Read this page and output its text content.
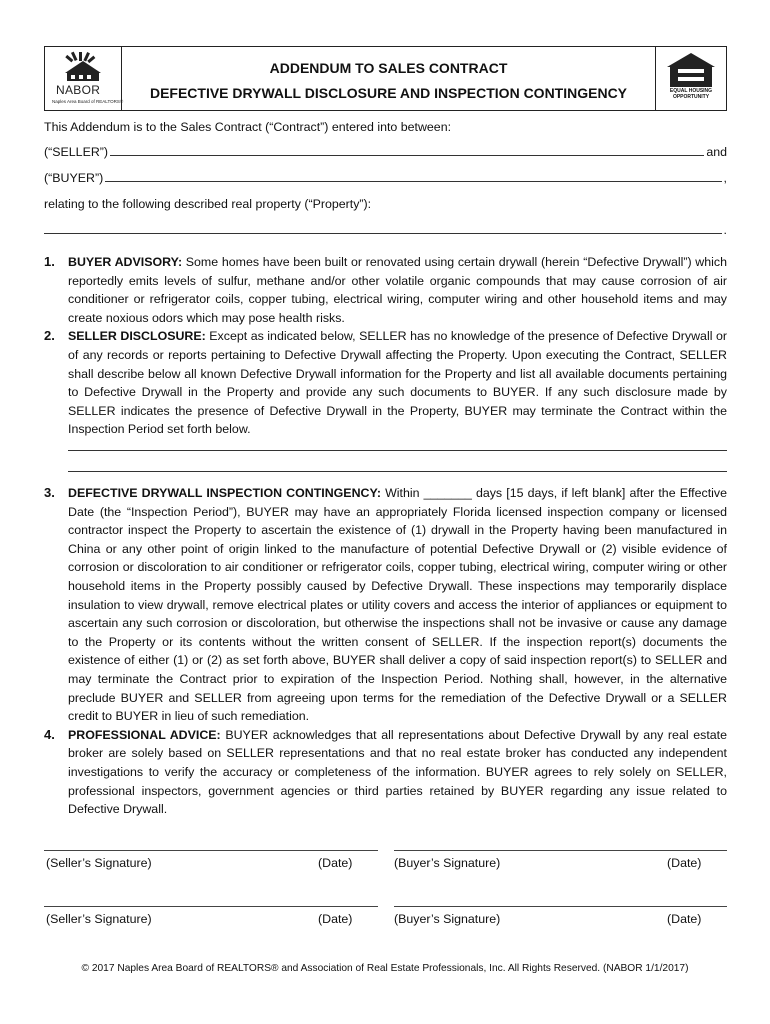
NABOR
Naples Area Board of REALTORS®
ADDENDUM TO SALES CONTRACT
DEFECTIVE DRYWALL DISCLOSURE AND INSPECTION CONTINGENCY	EQUAL HOUSING
OPPORTUNITY
This Addendum is to the Sales Contract (“Contract”) entered into between:
(“SELLER”)	and
(“BUYER”)	,
relating to the following described real property (“Property”):
.
1. BUYER ADVISORY: Some homes have been built or renovated using certain drywall (herein “Defective Drywall”) which reportedly emits levels of sulfur, methane and/or other volatile organic compounds that may cause corrosion of air conditioner or refrigerator coils, copper tubing, electrical wiring, computer wiring and other household items and may create noxious odors which may pose health risks.
2. SELLER DISCLOSURE: Except as indicated below, SELLER has no knowledge of the presence of Defective Drywall or of any records or reports pertaining to Defective Drywall affecting the Property. Upon executing the Contract, SELLER shall describe below all known Defective Drywall information for the Property and list all available documents pertaining to Defective Drywall in the Property and provide any such documents to BUYER. If any such disclosure made by SELLER indicates the presence of Defective Drywall in the Property, BUYER may terminate the Contract within the Inspection Period set forth below.
3. DEFECTIVE DRYWALL INSPECTION CONTINGENCY: Within _______ days [15 days, if left blank] after the Effective Date (the “Inspection Period”), BUYER may have an appropriately Florida licensed inspection company or licensed contractor inspect the Property to ascertain the existence of (1) drywall in the Property having been manufactured in China or any other point of origin linked to the manufacture of potential Defective Drywall or (2) visible evidence of corrosion or discoloration to air conditioner or refrigerator coils, copper tubing, electrical wiring, computer wiring or other household items in the Property possibly caused by Defective Drywall. These inspections may temporarily displace insulation to view drywall, remove electrical plates or utility covers and access the interior of appliances or equipment to ascertain any such corrosion or discoloration, but otherwise the inspections shall not be invasive or cause any damage to the Property or its contents without the written consent of SELLER. If the inspection report(s) documents the existence of either (1) or (2) as set forth above, BUYER shall deliver a copy of said inspection report(s) to SELLER and may terminate the Contract prior to expiration of the Inspection Period. Nothing shall, however, in the alternative preclude BUYER and SELLER from agreeing upon terms for the remediation of the Defective Drywall or a SELLER credit to BUYER in lieu of such remediation.
4. PROFESSIONAL ADVICE: BUYER acknowledges that all representations about Defective Drywall by any real estate broker are solely based on SELLER representations and that no real estate broker has conducted any independent investigations to verify the accuracy or completeness of the information. BUYER agrees to rely solely on SELLER, professional inspectors, government agencies or third parties retained by BUYER regarding any issue related to Defective Drywall.
(Seller’s Signature)	(Date)	(Buyer’s Signature)	(Date)
(Seller’s Signature)	(Date)	(Buyer’s Signature)	(Date)
© 2017 Naples Area Board of REALTORS® and Association of Real Estate Professionals, Inc. All Rights Reserved. (NABOR 1/1/2017)
